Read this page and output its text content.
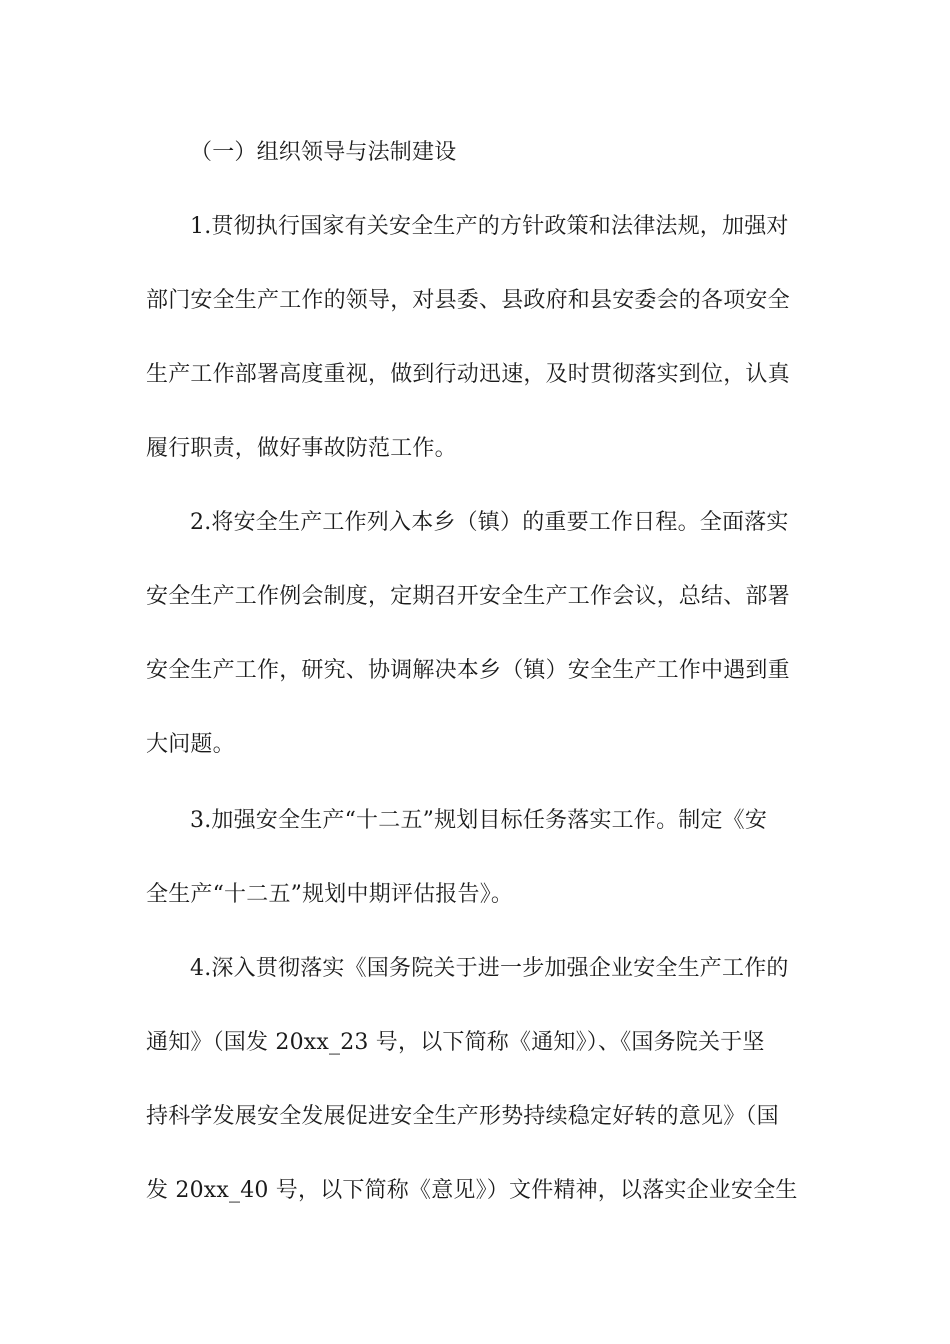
（一）组织领导与法制建设
1.贯彻执行国家有关安全生产的方针政策和法律法规，加强对
部门安全生产工作的领导，对县委、县政府和县安委会的各项安全
生产工作部署高度重视，做到行动迅速，及时贯彻落实到位，认真
履行职责，做好事故防范工作。
2.将安全生产工作列入本乡（镇）的重要工作日程。全面落实
安全生产工作例会制度，定期召开安全生产工作会议，总结、部署
安全生产工作，研究、协调解决本乡（镇）安全生产工作中遇到重
大问题。
3.加强安全生产“十二五”规划目标任务落实工作。制定《安
全生产“十二五”规划中期评估报告》。
4.深入贯彻落实《国务院关于进一步加强企业安全生产工作的
通知》（国发 20xx_23 号，以下简称《通知》）、《国务院关于坚
持科学发展安全发展促进安全生产形势持续稳定好转的意见》（国
发 20xx_40 号，以下简称《意见》）文件精神，以落实企业安全生
